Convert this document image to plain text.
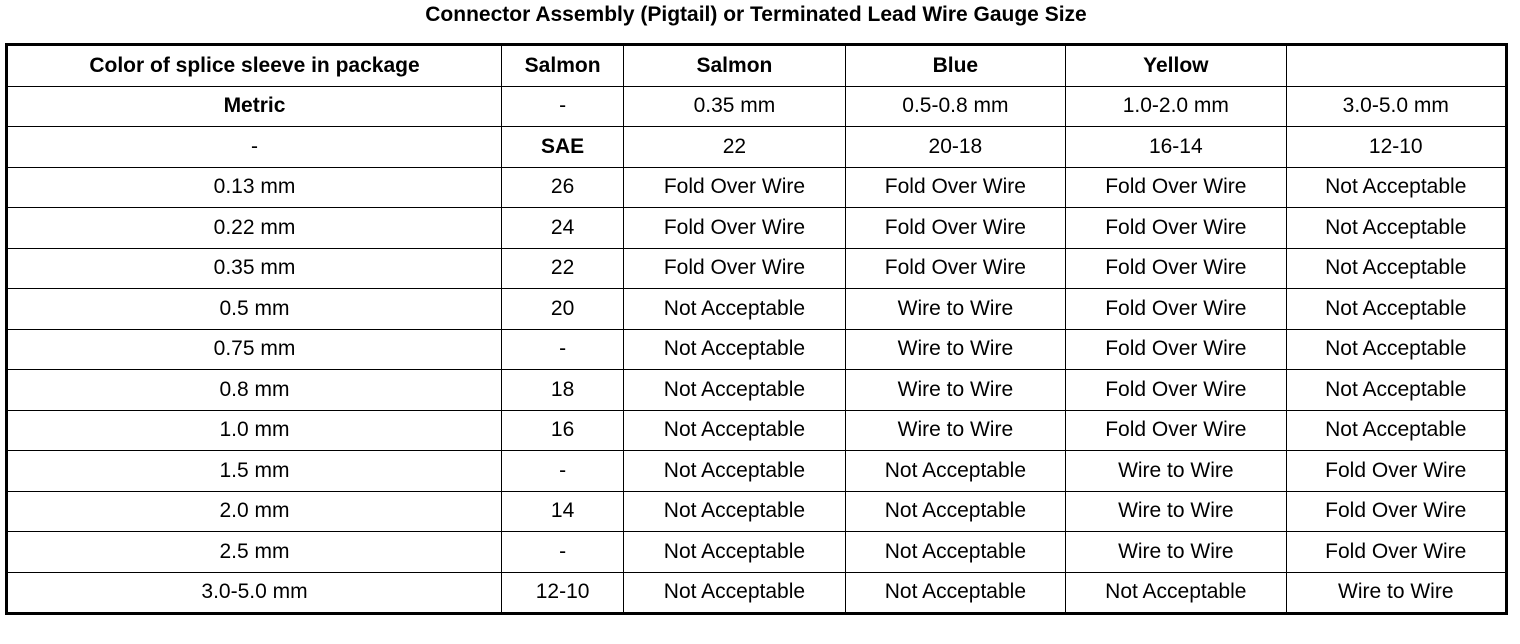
Connector Assembly (Pigtail) or Terminated Lead Wire Gauge Size
Color of splice sleeve in package	Salmon	Salmon	Blue	Yellow	
Metric	-	0.35 mm	0.5-0.8 mm	1.0-2.0 mm	3.0-5.0 mm
-	SAE	22	20-18	16-14	12-10
0.13 mm	26	Fold Over Wire	Fold Over Wire	Fold Over Wire	Not Acceptable
0.22 mm	24	Fold Over Wire	Fold Over Wire	Fold Over Wire	Not Acceptable
0.35 mm	22	Fold Over Wire	Fold Over Wire	Fold Over Wire	Not Acceptable
0.5 mm	20	Not Acceptable	Wire to Wire	Fold Over Wire	Not Acceptable
0.75 mm	-	Not Acceptable	Wire to Wire	Fold Over Wire	Not Acceptable
0.8 mm	18	Not Acceptable	Wire to Wire	Fold Over Wire	Not Acceptable
1.0 mm	16	Not Acceptable	Wire to Wire	Fold Over Wire	Not Acceptable
1.5 mm	-	Not Acceptable	Not Acceptable	Wire to Wire	Fold Over Wire
2.0 mm	14	Not Acceptable	Not Acceptable	Wire to Wire	Fold Over Wire
2.5 mm	-	Not Acceptable	Not Acceptable	Wire to Wire	Fold Over Wire
3.0-5.0 mm	12-10	Not Acceptable	Not Acceptable	Not Acceptable	Wire to Wire
